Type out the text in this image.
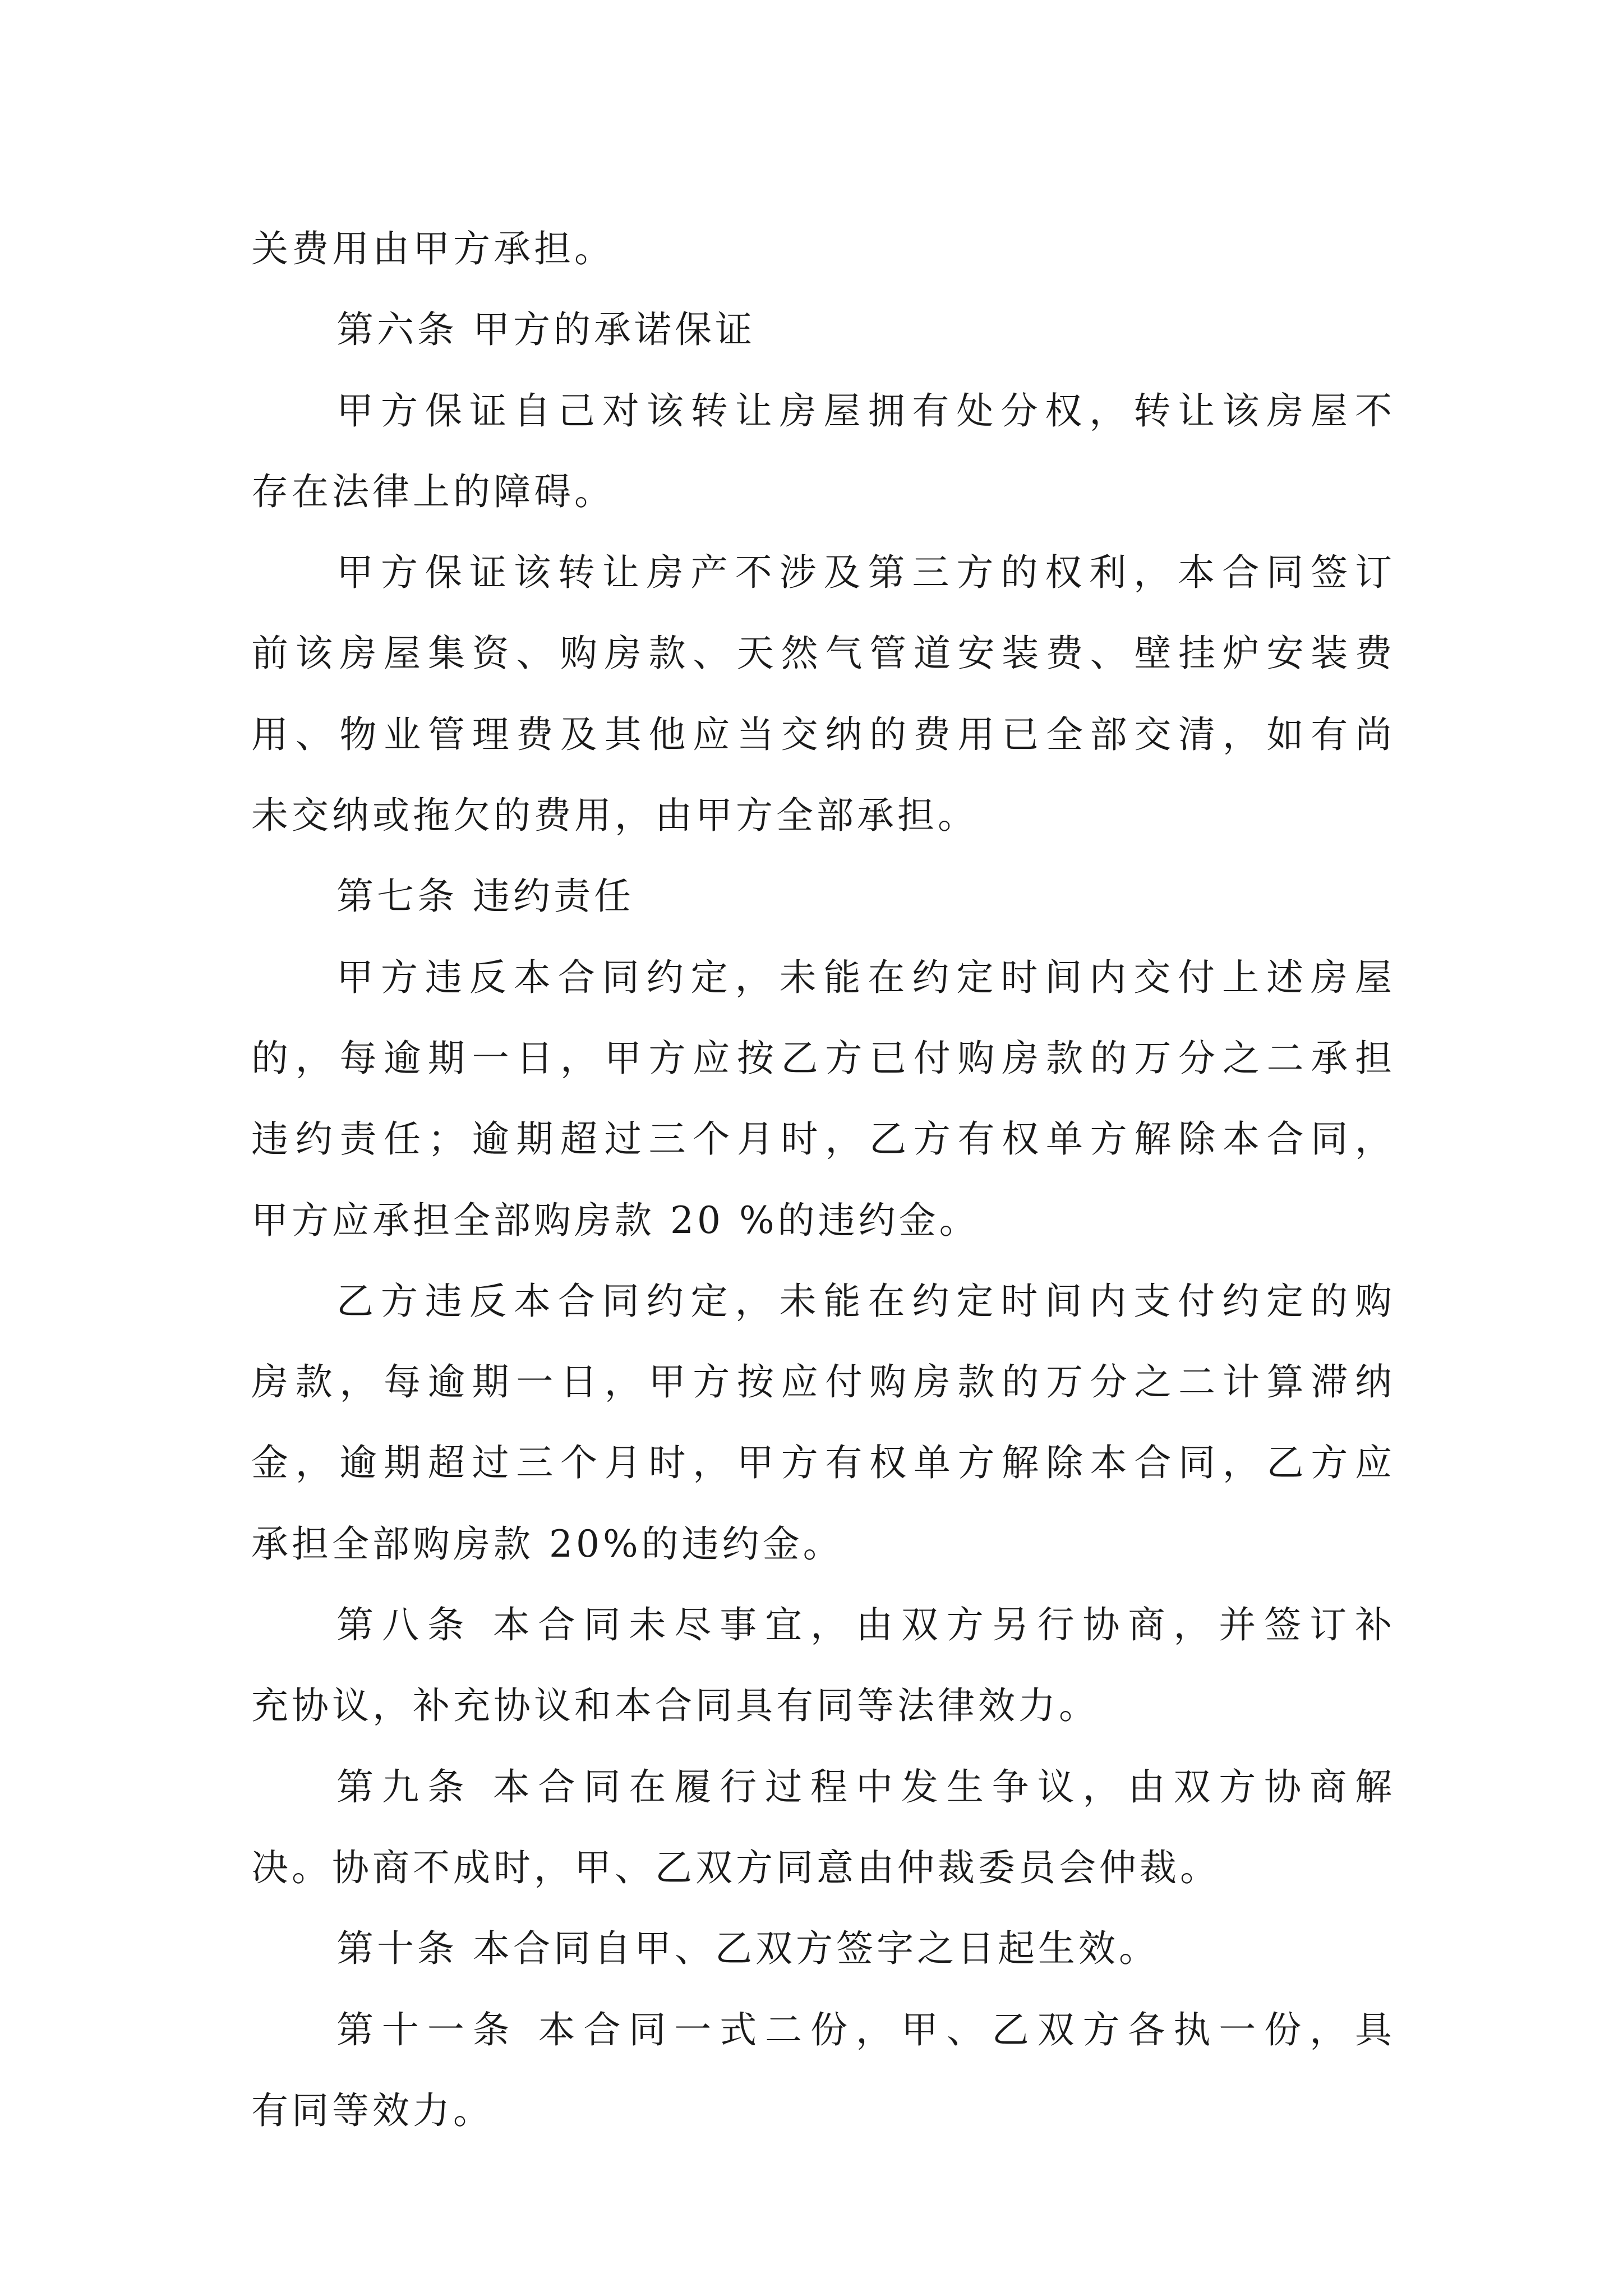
关费用由甲方承担。
第六条 甲方的承诺保证
甲方保证自己对该转让房屋拥有处分权，转让该房屋不
存在法律上的障碍。
甲方保证该转让房产不涉及第三方的权利，本合同签订
前该房屋集资、购房款、天然气管道安装费、壁挂炉安装费
用、物业管理费及其他应当交纳的费用已全部交清，如有尚
未交纳或拖欠的费用，由甲方全部承担。
第七条 违约责任
甲方违反本合同约定，未能在约定时间内交付上述房屋
的，每逾期一日，甲方应按乙方已付购房款的万分之二承担
违约责任；逾期超过三个月时，乙方有权单方解除本合同，
甲方应承担全部购房款 20 %的违约金。
乙方违反本合同约定，未能在约定时间内支付约定的购
房款，每逾期一日，甲方按应付购房款的万分之二计算滞纳
金，逾期超过三个月时，甲方有权单方解除本合同，乙方应
承担全部购房款 20%的违约金。
第八条 本合同未尽事宜，由双方另行协商，并签订补
充协议，补充协议和本合同具有同等法律效力。
第九条 本合同在履行过程中发生争议，由双方协商解
决。协商不成时，甲、乙双方同意由仲裁委员会仲裁。
第十条 本合同自甲、乙双方签字之日起生效。
第十一条 本合同一式二份，甲、乙双方各执一份，具
有同等效力。
